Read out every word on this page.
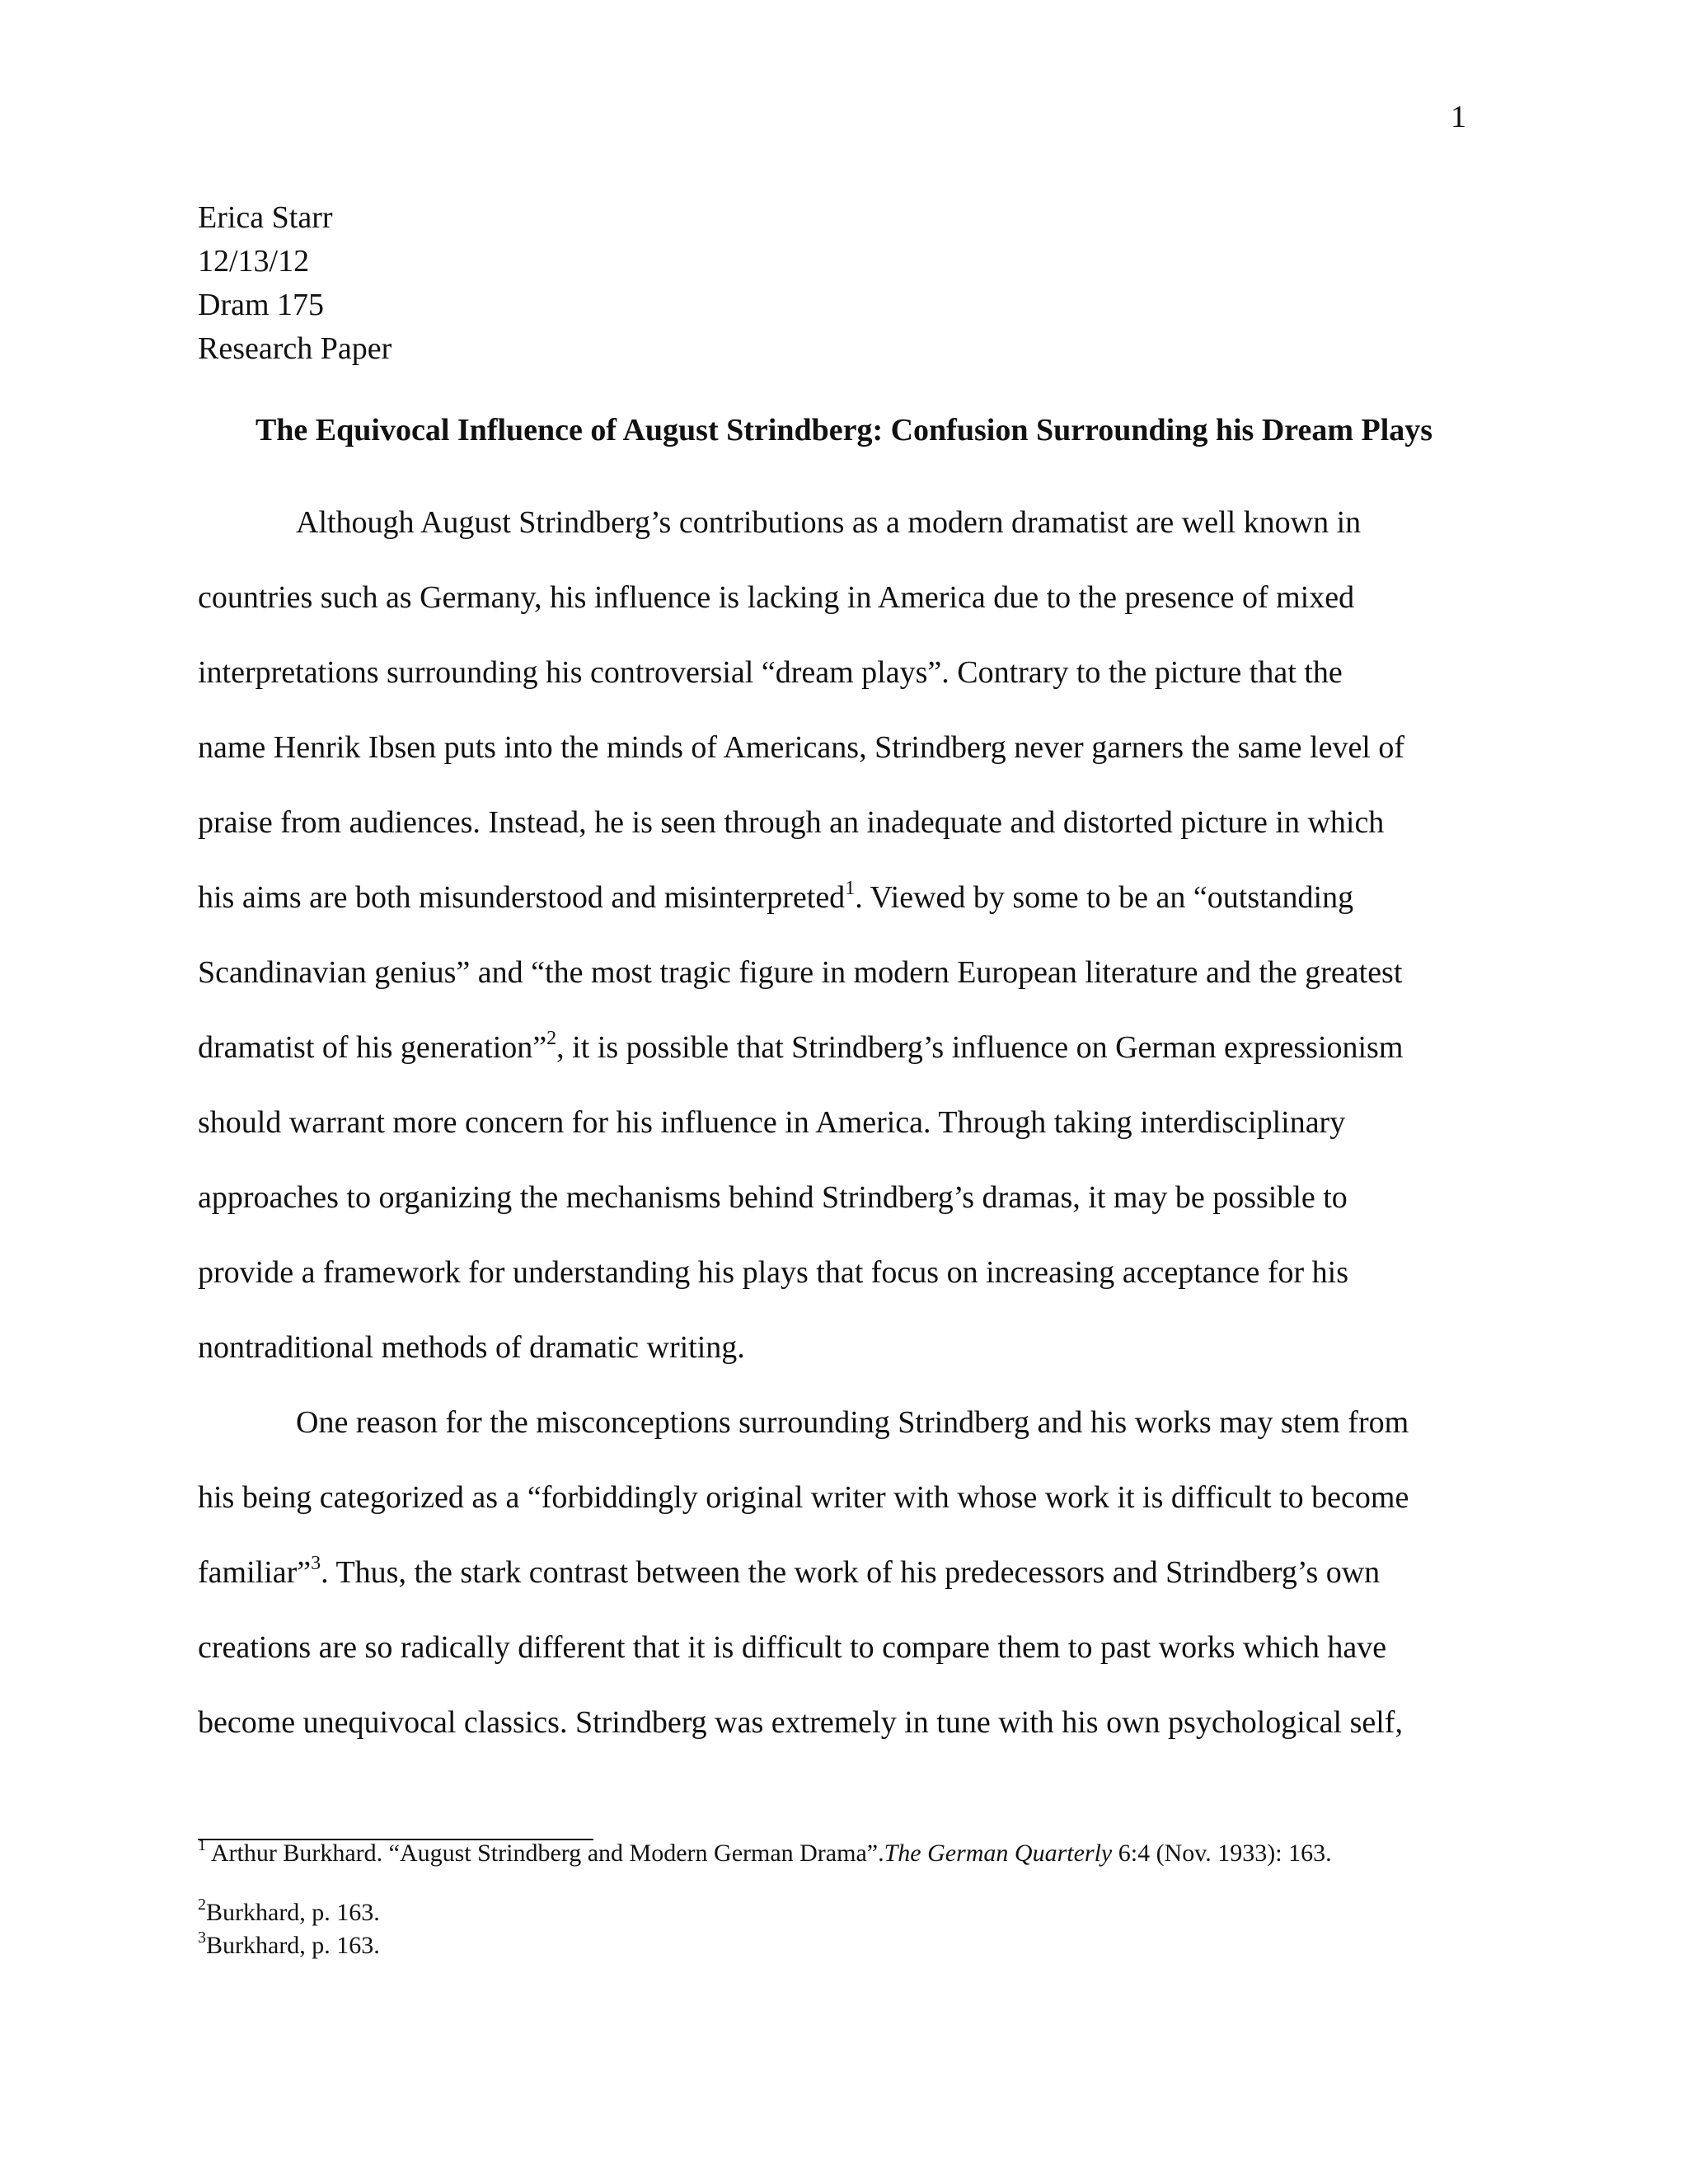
1
Erica Starr
12/13/12
Dram 175
Research Paper
The Equivocal Influence of August Strindberg: Confusion Surrounding his Dream Plays
Although August Strindberg’s contributions as a modern dramatist are well known in
countries such as Germany, his influence is lacking in America due to the presence of mixed
interpretations surrounding his controversial “dream plays”. Contrary to the picture that the
name Henrik Ibsen puts into the minds of Americans, Strindberg never garners the same level of
praise from audiences. Instead, he is seen through an inadequate and distorted picture in which
his aims are both misunderstood and misinterpreted$^1$. Viewed by some to be an “outstanding
Scandinavian genius” and “the most tragic figure in modern European literature and the greatest
dramatist of his generation”$^2$, it is possible that Strindberg’s influence on German expressionism
should warrant more concern for his influence in America. Through taking interdisciplinary
approaches to organizing the mechanisms behind Strindberg’s dramas, it may be possible to
provide a framework for understanding his plays that focus on increasing acceptance for his
nontraditional methods of dramatic writing.
One reason for the misconceptions surrounding Strindberg and his works may stem from
his being categorized as a “forbiddingly original writer with whose work it is difficult to become
familiar”$^3$. Thus, the stark contrast between the work of his predecessors and Strindberg’s own
creations are so radically different that it is difficult to compare them to past works which have
become unequivocal classics. Strindberg was extremely in tune with his own psychological self,
$^1$ Arthur Burkhard. “August Strindberg and Modern German Drama”.The German Quarterly 6:4 (Nov. 1933): 163.
$^2$Burkhard, p. 163.
$^3$Burkhard, p. 163.
